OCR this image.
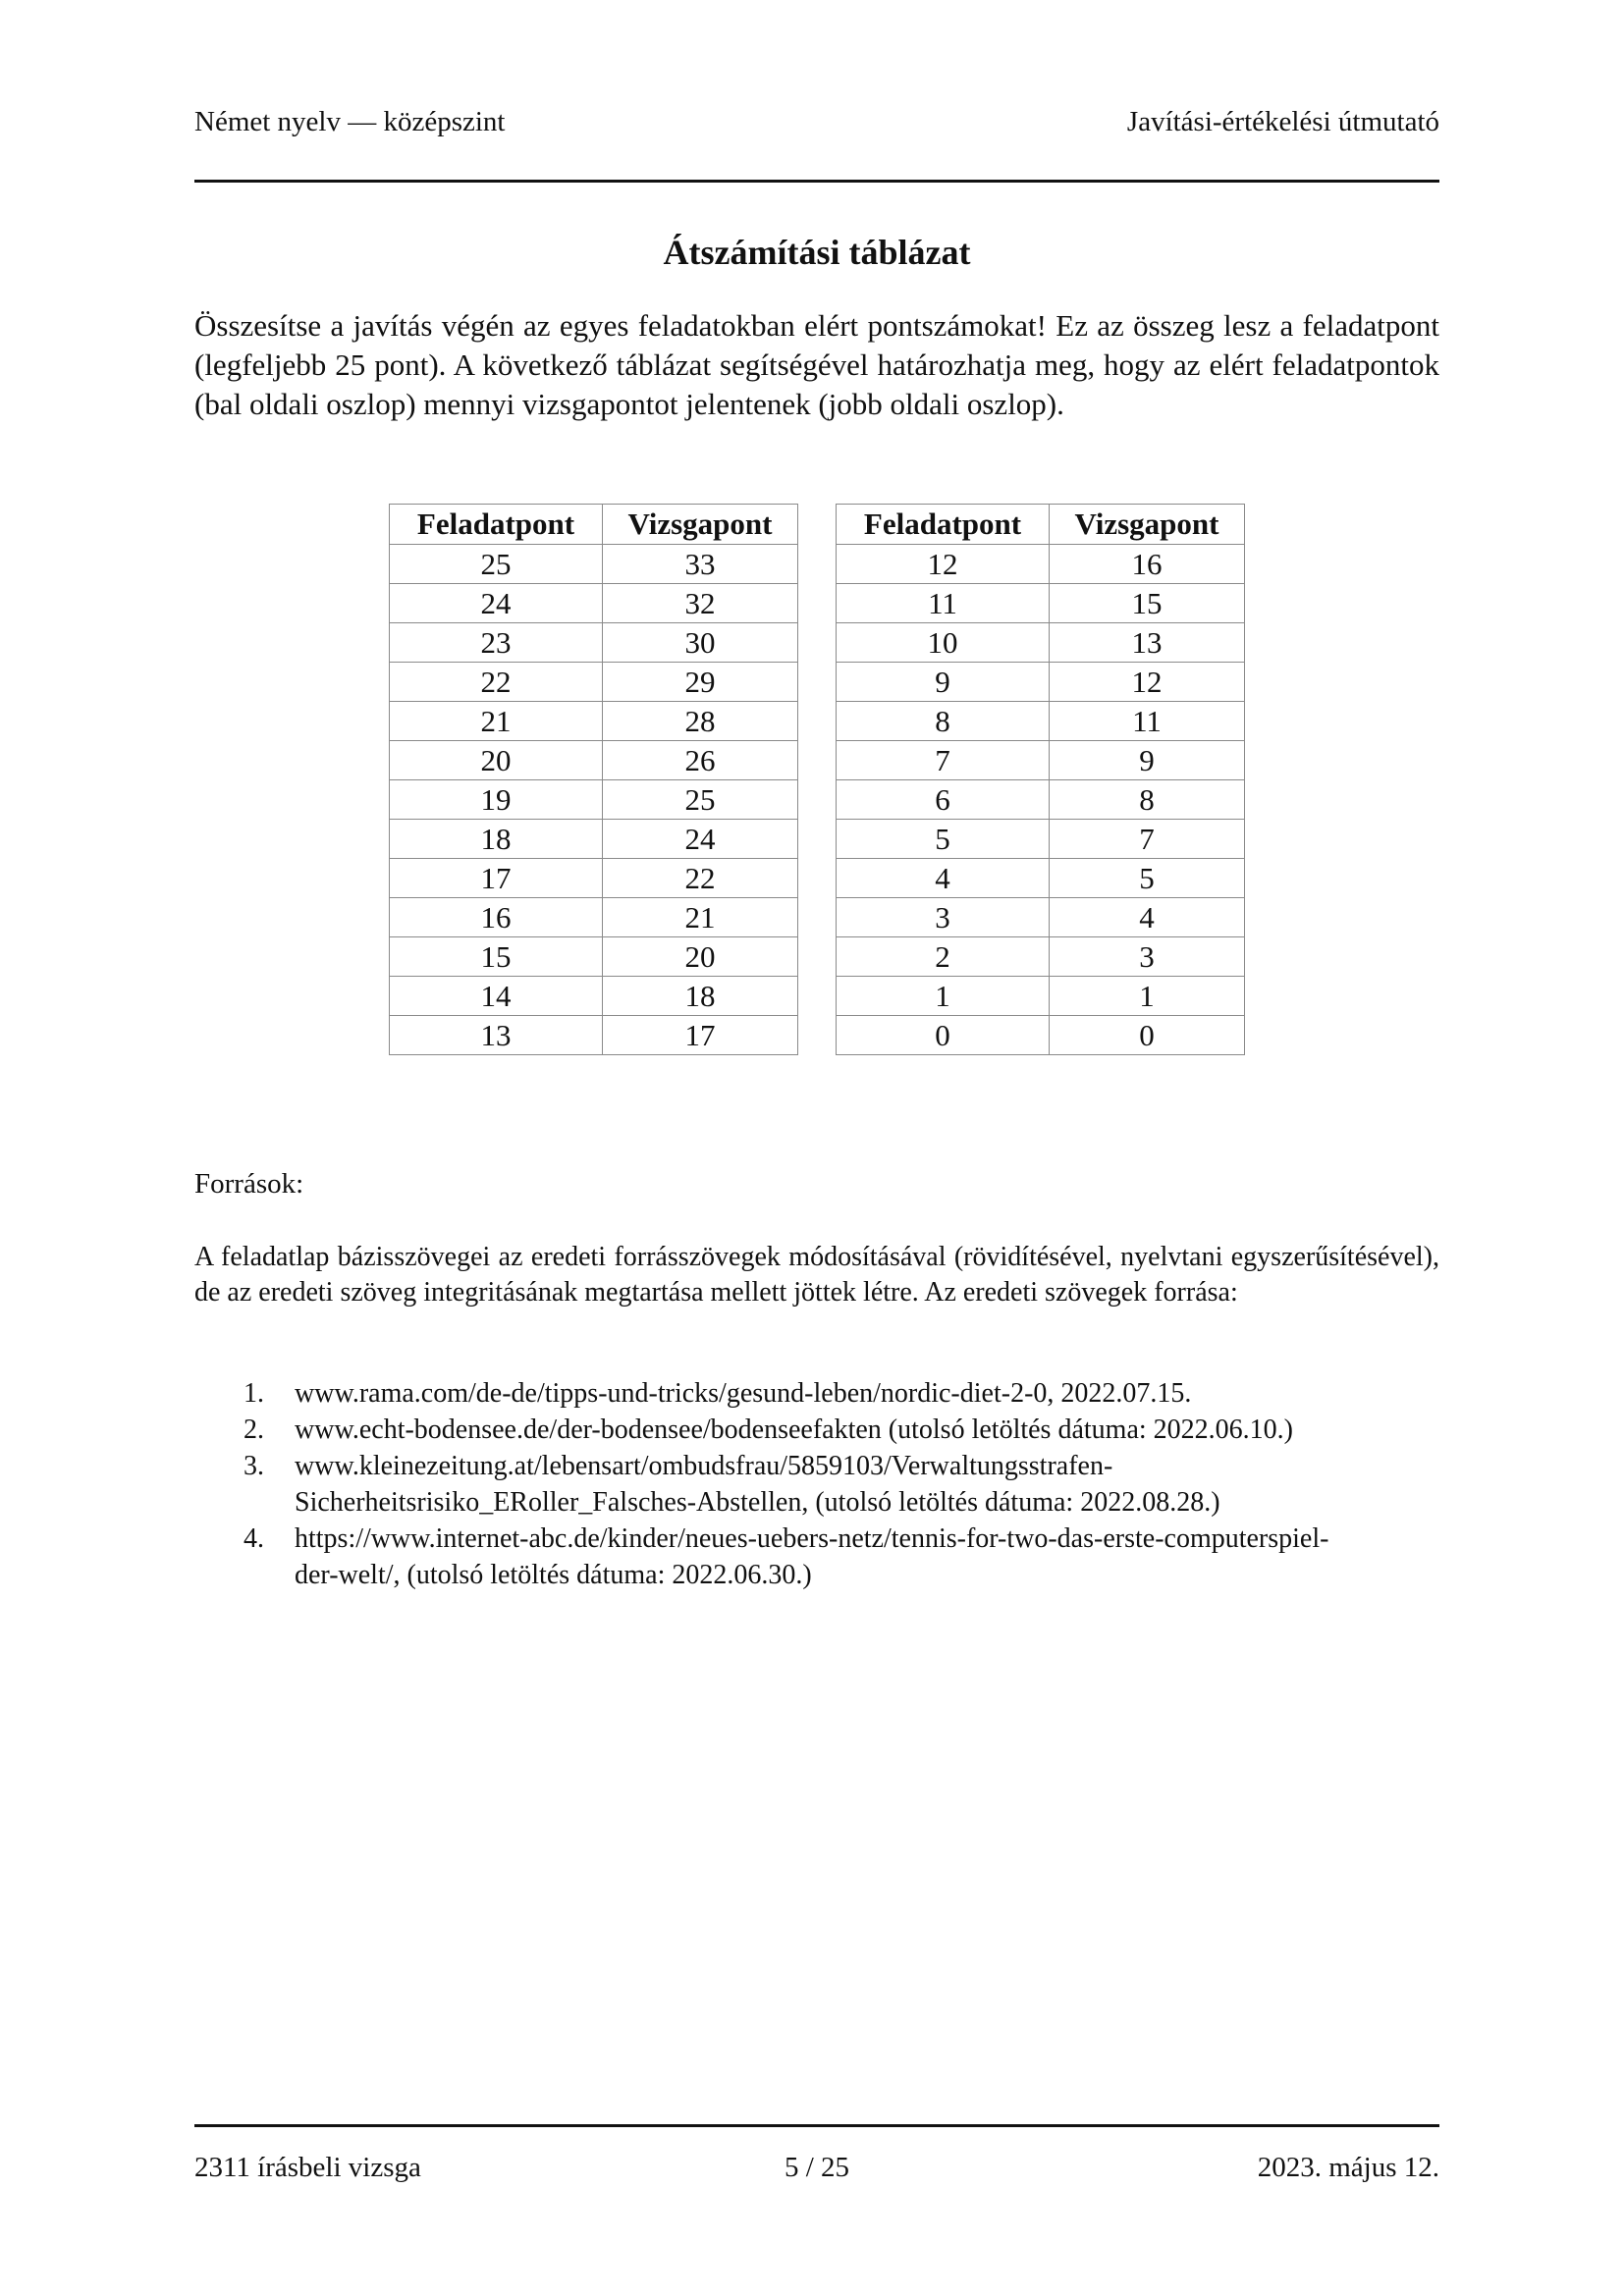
Német nyelv — középszint	Javítási-értékelési útmutató
Átszámítási táblázat

Összesítse a javítás végén az egyes feladatokban elért pontszámokat! Ez az összeg lesz a feladatpont (legfeljebb 25 pont). A következő táblázat segítségével határozhatja meg, hogy az elért feladatpontok (bal oldali oszlop) mennyi vizsgapontot jelentenek (jobb oldali oszlop).

Feladatpont	Vizsgapont
25	33
24	32
23	30
22	29
21	28
20	26
19	25
18	24
17	22
16	21
15	20
14	18
13	17
Feladatpont	Vizsgapont
12	16
11	15
10	13
9	12
8	11
7	9
6	8
5	7
4	5
3	4
2	3
1	1
0	0
Források:

A feladatlap bázisszövegei az eredeti forrásszövegek módosításával (rövidítésével, nyelvtani egyszerűsítésével), de az eredeti szöveg integritásának megtartása mellett jöttek létre. Az eredeti szövegek forrása:

1. www.rama.com/de-de/tipps-und-tricks/gesund-leben/nordic-diet-2-0, 2022.07.15.
2. www.echt-bodensee.de/der-bodensee/bodenseefakten (utolsó letöltés dátuma: 2022.06.10.)
3. www.kleinezeitung.at/lebensart/ombudsfrau/5859103/Verwaltungsstrafen-
Sicherheitsrisiko_ERoller_Falsches-Abstellen, (utolsó letöltés dátuma: 2022.08.28.)
4. https://www.internet-abc.de/kinder/neues-uebers-netz/tennis-for-two-das-erste-computerspiel-
der-welt/, (utolsó letöltés dátuma: 2022.06.30.)
2311 írásbeli vizsga	5 / 25	2023. május 12.
